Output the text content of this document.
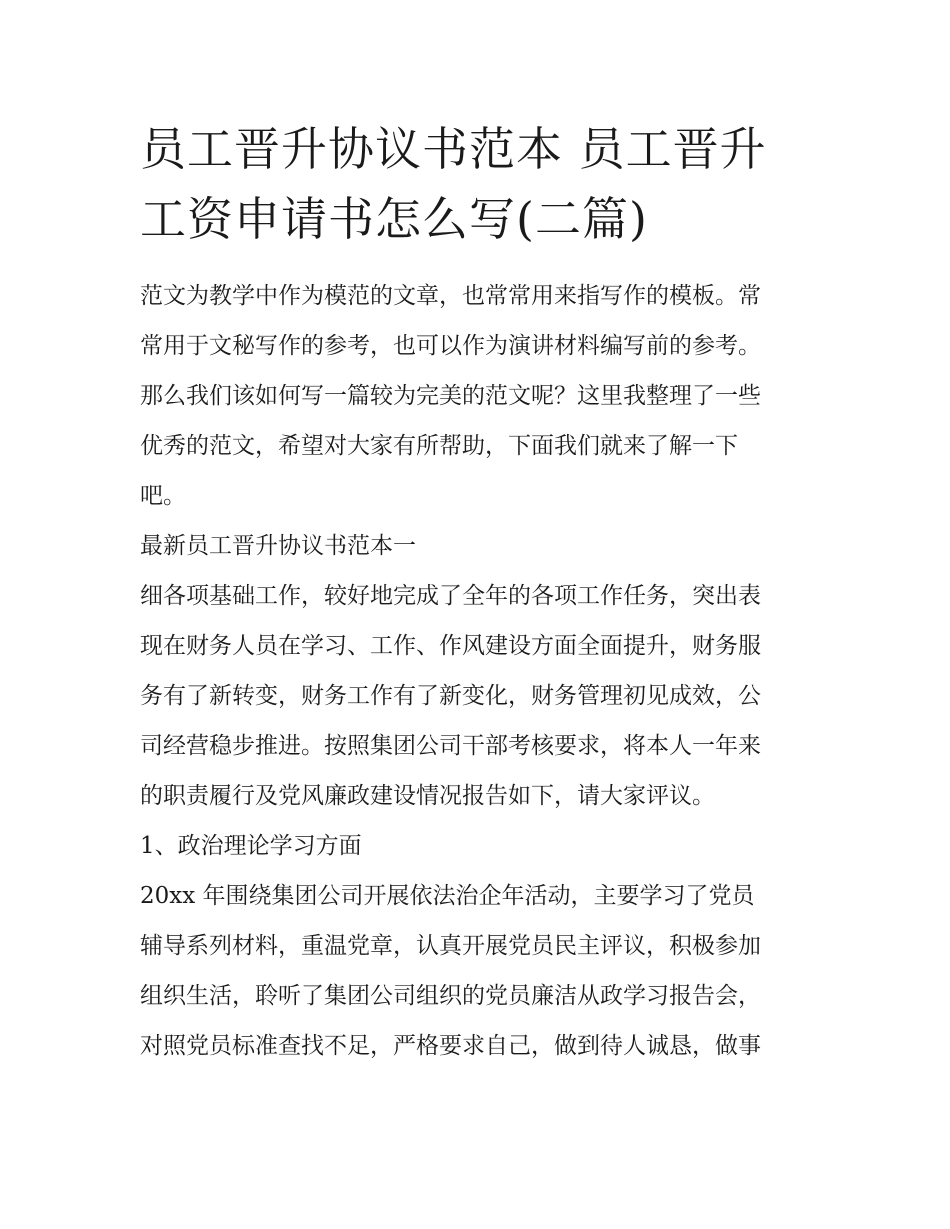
员工晋升协议书范本 员工晋升
工资申请书怎么写(二篇)

范文为教学中作为模范的文章，也常常用来指写作的模板。常
常用于文秘写作的参考，也可以作为演讲材料编写前的参考。
那么我们该如何写一篇较为完美的范文呢？这里我整理了一些
优秀的范文，希望对大家有所帮助，下面我们就来了解一下
吧。

最新员工晋升协议书范本一

细各项基础工作，较好地完成了全年的各项工作任务，突出表
现在财务人员在学习、工作、作风建设方面全面提升，财务服
务有了新转变，财务工作有了新变化，财务管理初见成效，公
司经营稳步推进。按照集团公司干部考核要求，将本人一年来
的职责履行及党风廉政建设情况报告如下，请大家评议。

1、政治理论学习方面

20xx 年围绕集团公司开展依法治企年活动，主要学习了党员
辅导系列材料，重温党章，认真开展党员民主评议，积极参加
组织生活，聆听了集团公司组织的党员廉洁从政学习报告会，
对照党员标准查找不足，严格要求自己，做到待人诚恳，做事
